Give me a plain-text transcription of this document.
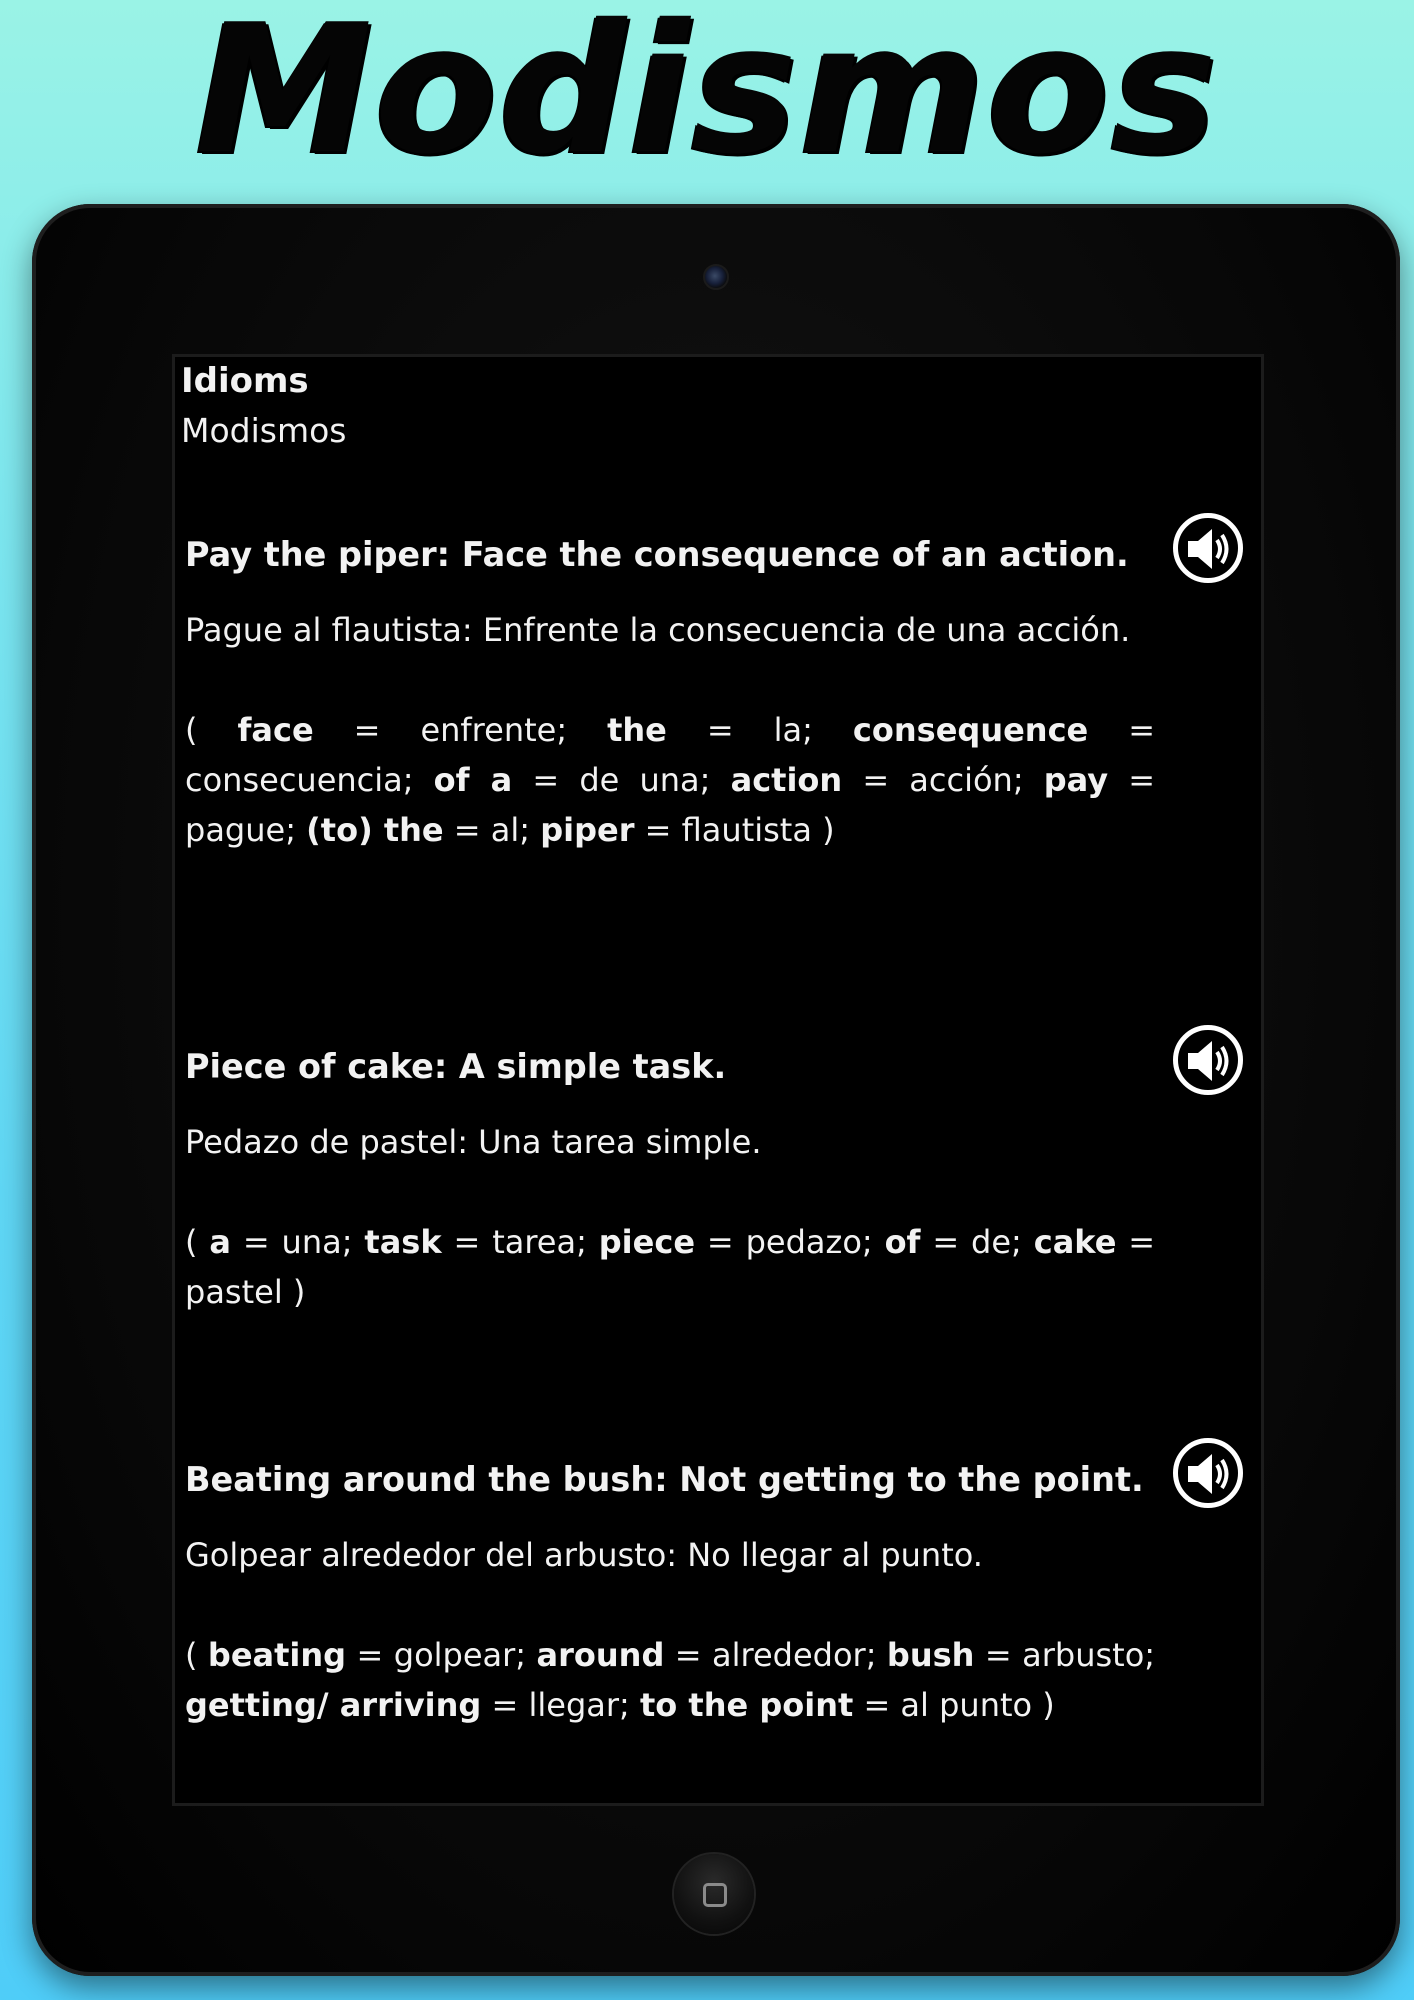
Modismos
Idioms
Modismos
Pay the piper: Face the consequence of an action.
Pague al flautista: Enfrente la consecuencia de una acción.
( face = enfrente; the = la; consequence = consecuencia; of a = de una; action = acción; pay = pague; (to) the = al; piper = flautista )
Piece of cake: A simple task.
Pedazo de pastel: Una tarea simple.
( a = una; task = tarea; piece = pedazo; of = de; cake = pastel )
Beating around the bush: Not getting to the point.
Golpear alrededor del arbusto: No llegar al punto.
( beating = golpear; around = alrededor; bush = arbusto; getting/ arriving = llegar; to the point = al punto )
